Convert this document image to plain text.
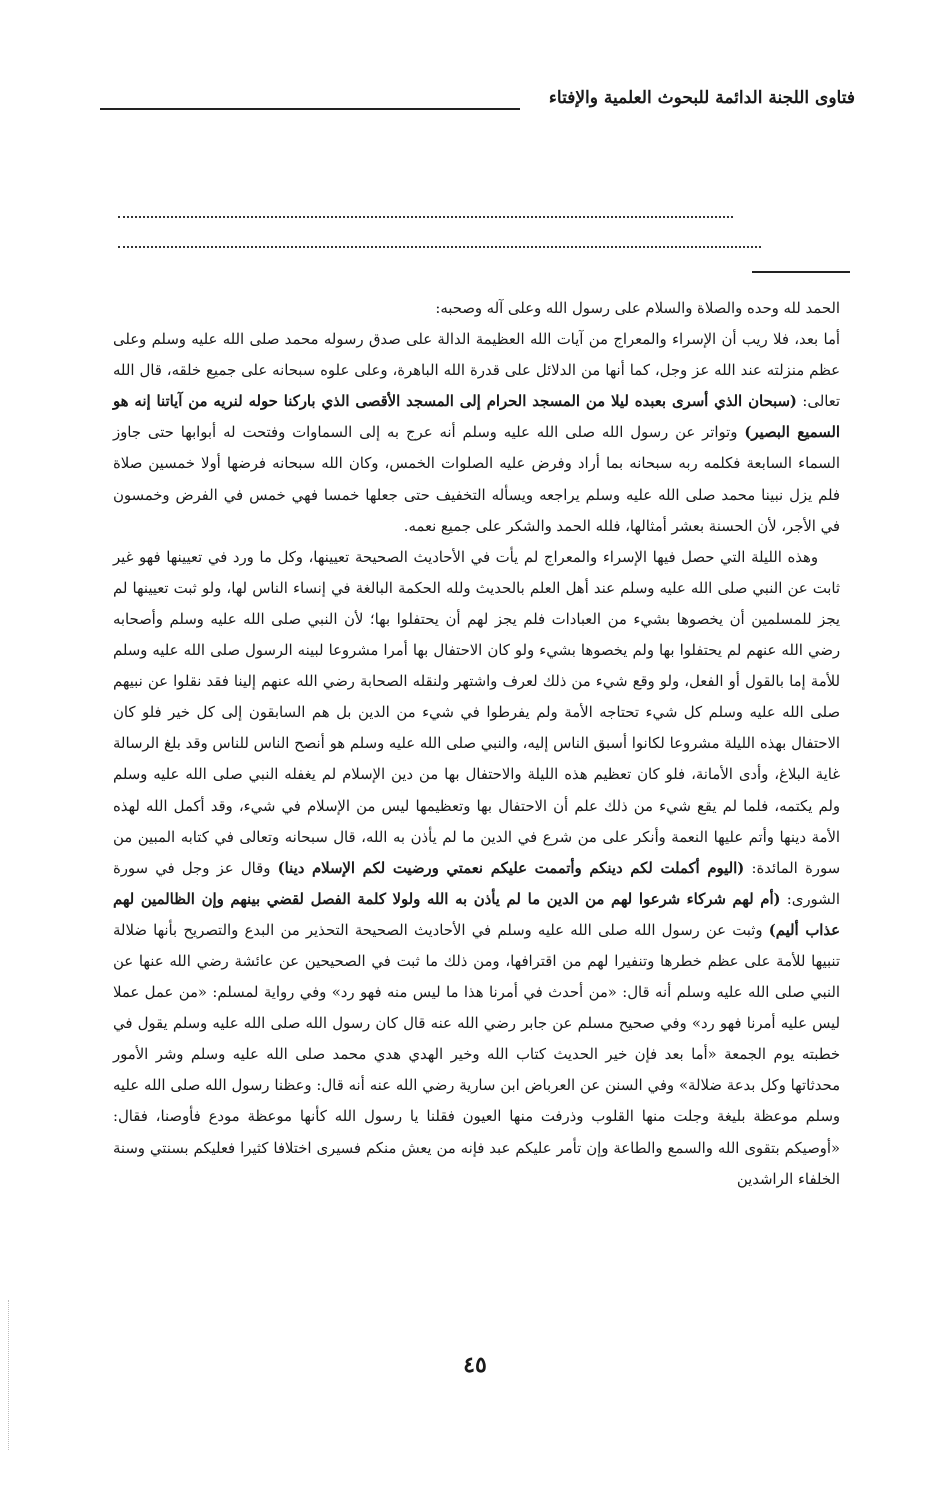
فتاوى اللجنة الدائمة للبحوث العلمية والإفتاء

الحمد لله وحده والصلاة والسلام على رسول الله وعلى آله وصحبه:

أما بعد، فلا ريب أن الإسراء والمعراج من آيات الله العظيمة الدالة على صدق رسوله محمد صلى الله عليه وسلم وعلى عظم منزلته عند الله عز وجل، كما أنها من الدلائل على قدرة الله الباهرة، وعلى علوه سبحانه على جميع خلقه، قال الله تعالى: (سبحان الذي أسرى بعبده ليلا من المسجد الحرام إلى المسجد الأقصى الذي باركنا حوله لنريه من آياتنا إنه هو السميع البصير) وتواتر عن رسول الله صلى الله عليه وسلم أنه عرج به إلى السماوات وفتحت له أبوابها حتى جاوز السماء السابعة فكلمه ربه سبحانه بما أراد وفرض عليه الصلوات الخمس، وكان الله سبحانه فرضها أولا خمسين صلاة فلم يزل نبينا محمد صلى الله عليه وسلم يراجعه ويسأله التخفيف حتى جعلها خمسا فهي خمس في الفرض وخمسون في الأجر، لأن الحسنة بعشر أمثالها، فلله الحمد والشكر على جميع نعمه.

وهذه الليلة التي حصل فيها الإسراء والمعراج لم يأت في الأحاديث الصحيحة تعيينها، وكل ما ورد في تعيينها فهو غير ثابت عن النبي صلى الله عليه وسلم عند أهل العلم بالحديث ولله الحكمة البالغة في إنساء الناس لها، ولو ثبت تعيينها لم يجز للمسلمين أن يخصوها بشيء من العبادات فلم يجز لهم أن يحتفلوا بها؛ لأن النبي صلى الله عليه وسلم وأصحابه رضي الله عنهم لم يحتفلوا بها ولم يخصوها بشيء ولو كان الاحتفال بها أمرا مشروعا لبينه الرسول صلى الله عليه وسلم للأمة إما بالقول أو الفعل، ولو وقع شيء من ذلك لعرف واشتهر ولنقله الصحابة رضي الله عنهم إلينا فقد نقلوا عن نبيهم صلى الله عليه وسلم كل شيء تحتاجه الأمة ولم يفرطوا في شيء من الدين بل هم السابقون إلى كل خير فلو كان الاحتفال بهذه الليلة مشروعا لكانوا أسبق الناس إليه، والنبي صلى الله عليه وسلم هو أنصح الناس للناس وقد بلغ الرسالة غاية البلاغ، وأدى الأمانة، فلو كان تعظيم هذه الليلة والاحتفال بها من دين الإسلام لم يغفله النبي صلى الله عليه وسلم ولم يكتمه، فلما لم يقع شيء من ذلك علم أن الاحتفال بها وتعظيمها ليس من الإسلام في شيء، وقد أكمل الله لهذه الأمة دينها وأتم عليها النعمة وأنكر على من شرع في الدين ما لم يأذن به الله، قال سبحانه وتعالى في كتابه المبين من سورة المائدة: (اليوم أكملت لكم دينكم وأتممت عليكم نعمتي ورضيت لكم الإسلام دينا) وقال عز وجل في سورة الشورى: (أم لهم شركاء شرعوا لهم من الدين ما لم يأذن به الله ولولا كلمة الفصل لقضي بينهم وإن الظالمين لهم عذاب أليم) وثبت عن رسول الله صلى الله عليه وسلم في الأحاديث الصحيحة التحذير من البدع والتصريح بأنها ضلالة تنبيها للأمة على عظم خطرها وتنفيرا لهم من اقترافها، ومن ذلك ما ثبت في الصحيحين عن عائشة رضي الله عنها عن النبي صلى الله عليه وسلم أنه قال: «من أحدث في أمرنا هذا ما ليس منه فهو رد» وفي رواية لمسلم: «من عمل عملا ليس عليه أمرنا فهو رد» وفي صحيح مسلم عن جابر رضي الله عنه قال كان رسول الله صلى الله عليه وسلم يقول في خطبته يوم الجمعة «أما بعد فإن خير الحديث كتاب الله وخير الهدي هدي محمد صلى الله عليه وسلم وشر الأمور محدثاتها وكل بدعة ضلالة» وفي السنن عن العرباض ابن سارية رضي الله عنه أنه قال: وعظنا رسول الله صلى الله عليه وسلم موعظة بليغة وجلت منها القلوب وذرفت منها العيون فقلنا يا رسول الله كأنها موعظة مودع فأوصنا، فقال: «أوصيكم بتقوى الله والسمع والطاعة وإن تأمر عليكم عبد فإنه من يعش منكم فسيرى اختلافا كثيرا فعليكم بسنتي وسنة الخلفاء الراشدين

٤٥
